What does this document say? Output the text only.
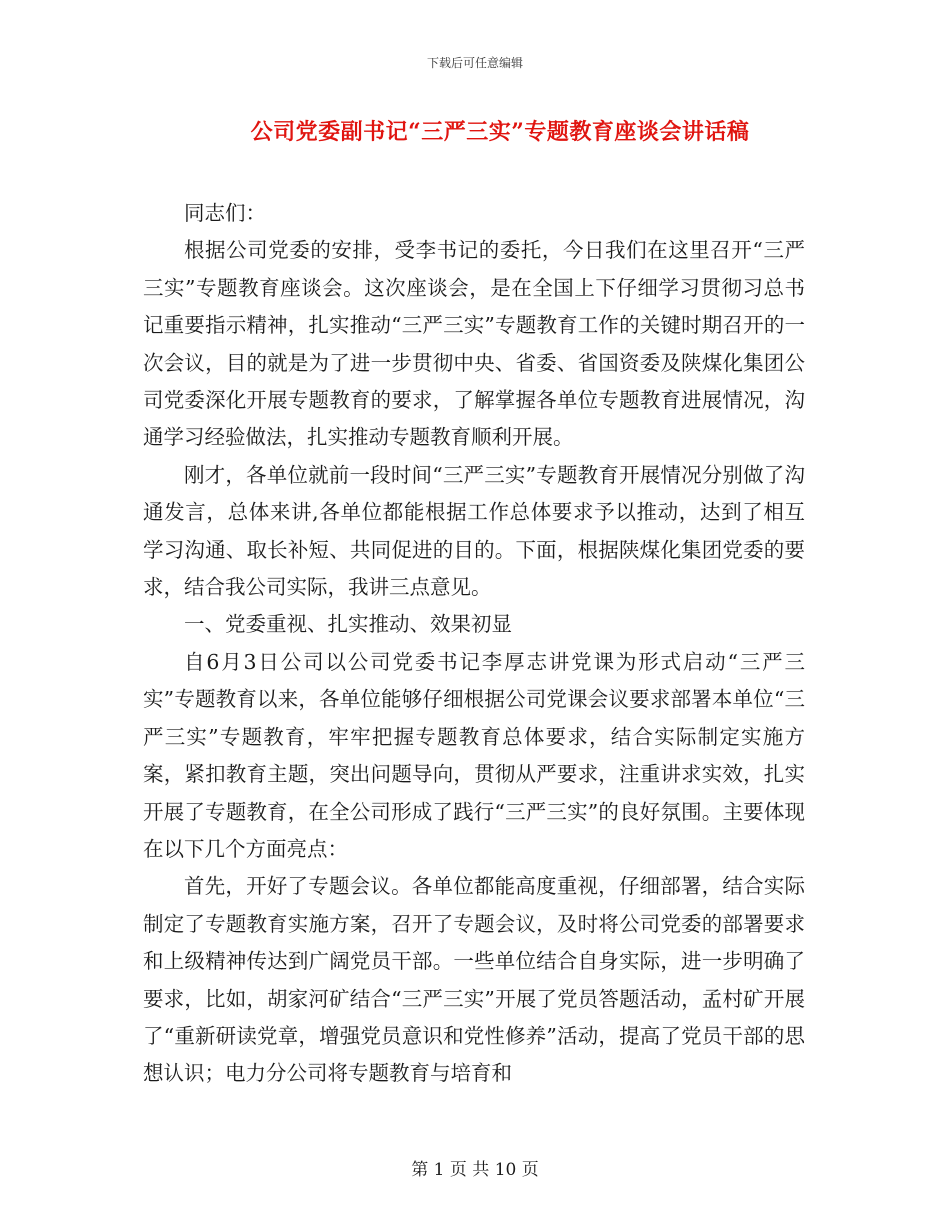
下载后可任意编辑
公司党委副书记“三严三实”专题教育座谈会讲话稿

同志们：

根据公司党委的安排，受李书记的委托，今日我们在这里召开“三严三实”专题教育座谈会。这次座谈会，是在全国上下仔细学习贯彻习总书记重要指示精神，扎实推动“三严三实”专题教育工作的关键时期召开的一次会议，目的就是为了进一步贯彻中央、省委、省国资委及陕煤化集团公司党委深化开展专题教育的要求，了解掌握各单位专题教育进展情况，沟通学习经验做法，扎实推动专题教育顺利开展。

刚才，各单位就前一段时间“三严三实”专题教育开展情况分别做了沟通发言，总体来讲,各单位都能根据工作总体要求予以推动，达到了相互学习沟通、取长补短、共同促进的目的。下面，根据陕煤化集团党委的要求，结合我公司实际，我讲三点意见。

一、党委重视、扎实推动、效果初显

自6月3日公司以公司党委书记李厚志讲党课为形式启动“三严三实”专题教育以来，各单位能够仔细根据公司党课会议要求部署本单位“三严三实”专题教育，牢牢把握专题教育总体要求，结合实际制定实施方案，紧扣教育主题，突出问题导向，贯彻从严要求，注重讲求实效，扎实开展了专题教育，在全公司形成了践行“三严三实”的良好氛围。主要体现在以下几个方面亮点：

首先，开好了专题会议。各单位都能高度重视，仔细部署，结合实际制定了专题教育实施方案，召开了专题会议，及时将公司党委的部署要求和上级精神传达到广阔党员干部。一些单位结合自身实际，进一步明确了要求，比如，胡家河矿结合“三严三实”开展了党员答题活动，孟村矿开展了“重新研读党章，增强党员意识和党性修养”活动，提高了党员干部的思想认识；电力分公司将专题教育与培育和

第 1 页 共 10 页
